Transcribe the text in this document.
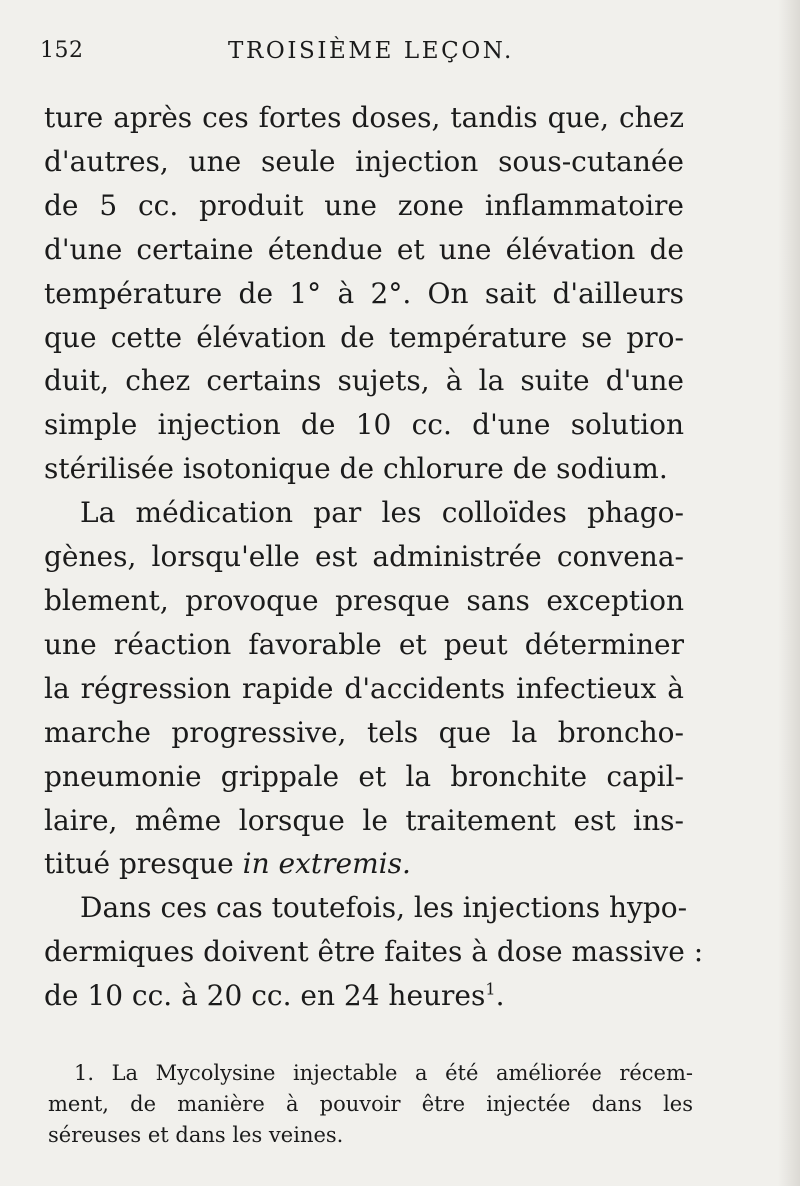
152	TROISIÈME LEÇON.
ture après ces fortes doses, tandis que, chez
d'autres, une seule injection sous-cutanée
de 5 cc. produit une zone inflammatoire
d'une certaine étendue et une élévation de
température de 1° à 2°. On sait d'ailleurs
que cette élévation de température se pro-
duit, chez certains sujets, à la suite d'une
simple injection de 10 cc. d'une solution
stérilisée isotonique de chlorure de sodium.
La médication par les colloïdes phago-
gènes, lorsqu'elle est administrée convena-
blement, provoque presque sans exception
une réaction favorable et peut déterminer
la régression rapide d'accidents infectieux à
marche progressive, tels que la broncho-
pneumonie grippale et la bronchite capil-
laire, même lorsque le traitement est ins-
titué presque in extremis.
Dans ces cas toutefois, les injections hypo-
dermiques doivent être faites à dose massive :
de 10 cc. à 20 cc. en 24 heures$^1$.
1. La Mycolysine injectable a été améliorée récem-
ment, de manière à pouvoir être injectée dans les
séreuses et dans les veines.
